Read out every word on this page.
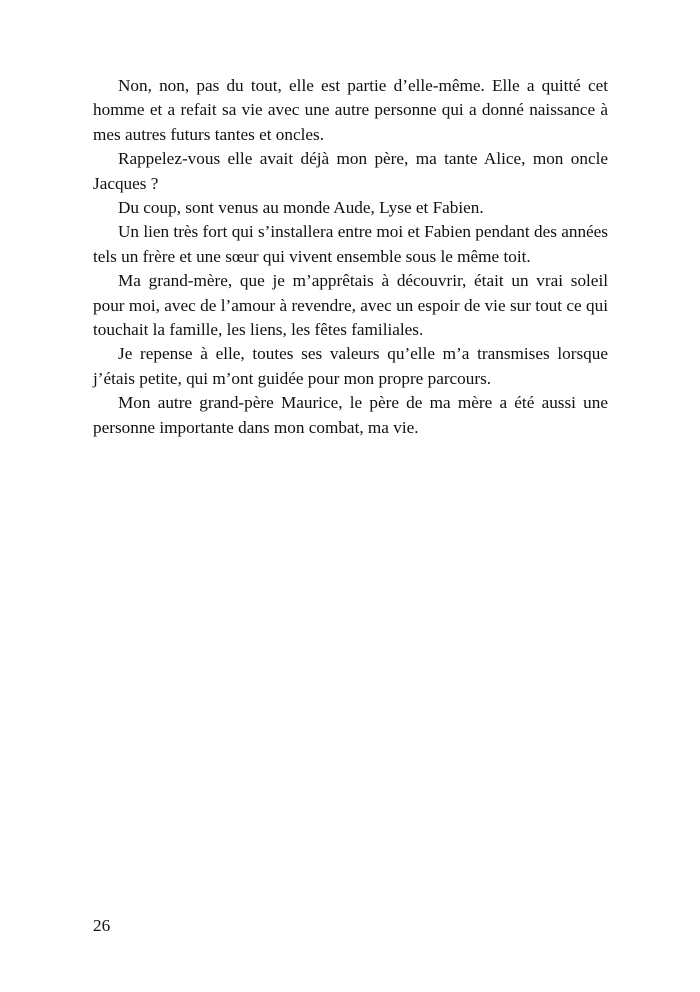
Non, non, pas du tout, elle est partie d’elle-même. Elle a quitté cet homme et a refait sa vie avec une autre personne qui a donné naissance à mes autres futurs tantes et oncles.

Rappelez-vous elle avait déjà mon père, ma tante Alice, mon oncle Jacques ?

Du coup, sont venus au monde Aude, Lyse et Fabien.

Un lien très fort qui s’installera entre moi et Fabien pendant des années tels un frère et une sœur qui vivent ensemble sous le même toit.

Ma grand-mère, que je m’apprêtais à découvrir, était un vrai soleil pour moi, avec de l’amour à revendre, avec un espoir de vie sur tout ce qui touchait la famille, les liens, les fêtes familiales.

Je repense à elle, toutes ses valeurs qu’elle m’a transmises lorsque j’étais petite, qui m’ont guidée pour mon propre parcours.

Mon autre grand-père Maurice, le père de ma mère a été aussi une personne importante dans mon combat, ma vie.

26
